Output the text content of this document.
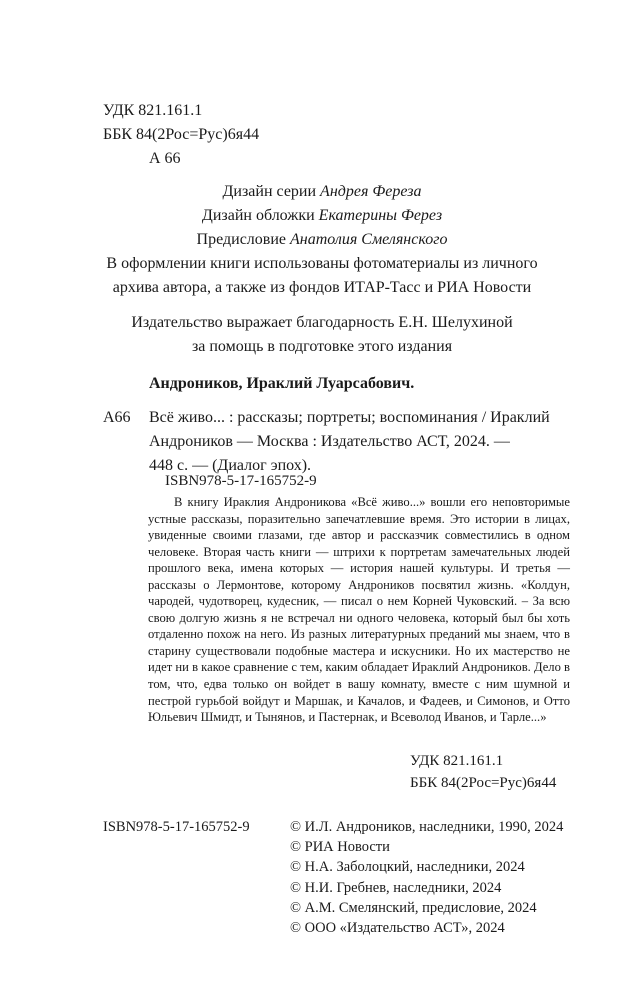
УДК 821.161.1
ББК 84(2Рос=Рус)6я44
А 66
Дизайн серии Андрея Фереза
Дизайн обложки Екатерины Ферез
Предисловие Анатолия Смелянского
В оформлении книги использованы фотоматериалы из личного
архива автора, а также из фондов ИТАР-Тасс и РИА Новости
Издательство выражает благодарность Е.Н. Шелухиной
за помощь в подготовке этого издания
Андроников, Ираклий Луарсабович.
А66 Всё живо... : рассказы; портреты; воспоминания / Ираклий
Андроников — Москва : Издательство АСТ, 2024. —
448 с. — (Диалог эпох).
ISBN978-5-17-165752-9

В книгу Ираклия Андроникова «Всё живо...» вошли его неповторимые устные рассказы, поразительно запечатлевшие время. Это истории в лицах, увиденные своими глазами, где автор и рассказчик совместились в одном человеке. Вторая часть книги — штрихи к портретам замечательных людей прошлого века, имена которых — история нашей культуры. И третья — рассказы о Лермонтове, которому Андроников посвятил жизнь. «Колдун, чародей, чудотворец, кудесник, — писал о нем Корней Чуковский. – За всю свою долгую жизнь я не встречал ни одного человека, который был бы хоть отдаленно похож на него. Из разных литературных преданий мы знаем, что в старину существовали подобные мастера и искусники. Но их мастерство не идет ни в какое сравнение с тем, каким обладает Ираклий Андроников. Дело в том, что, едва только он войдет в вашу комнату, вместе с ним шумной и пестрой гурьбой войдут и Маршак, и Качалов, и Фадеев, и Симонов, и Отто Юльевич Шмидт, и Тынянов, и Пастернак, и Всеволод Иванов, и Тарле...»

УДК 821.161.1
ББК 84(2Рос=Рус)6я44
ISBN978-5-17-165752-9	© И.Л. Андроников, наследники, 1990, 2024
© РИА Новости
© Н.А. Заболоцкий, наследники, 2024
© Н.И. Гребнев, наследники, 2024
© А.М. Смелянский, предисловие, 2024
© ООО «Издательство АСТ», 2024
